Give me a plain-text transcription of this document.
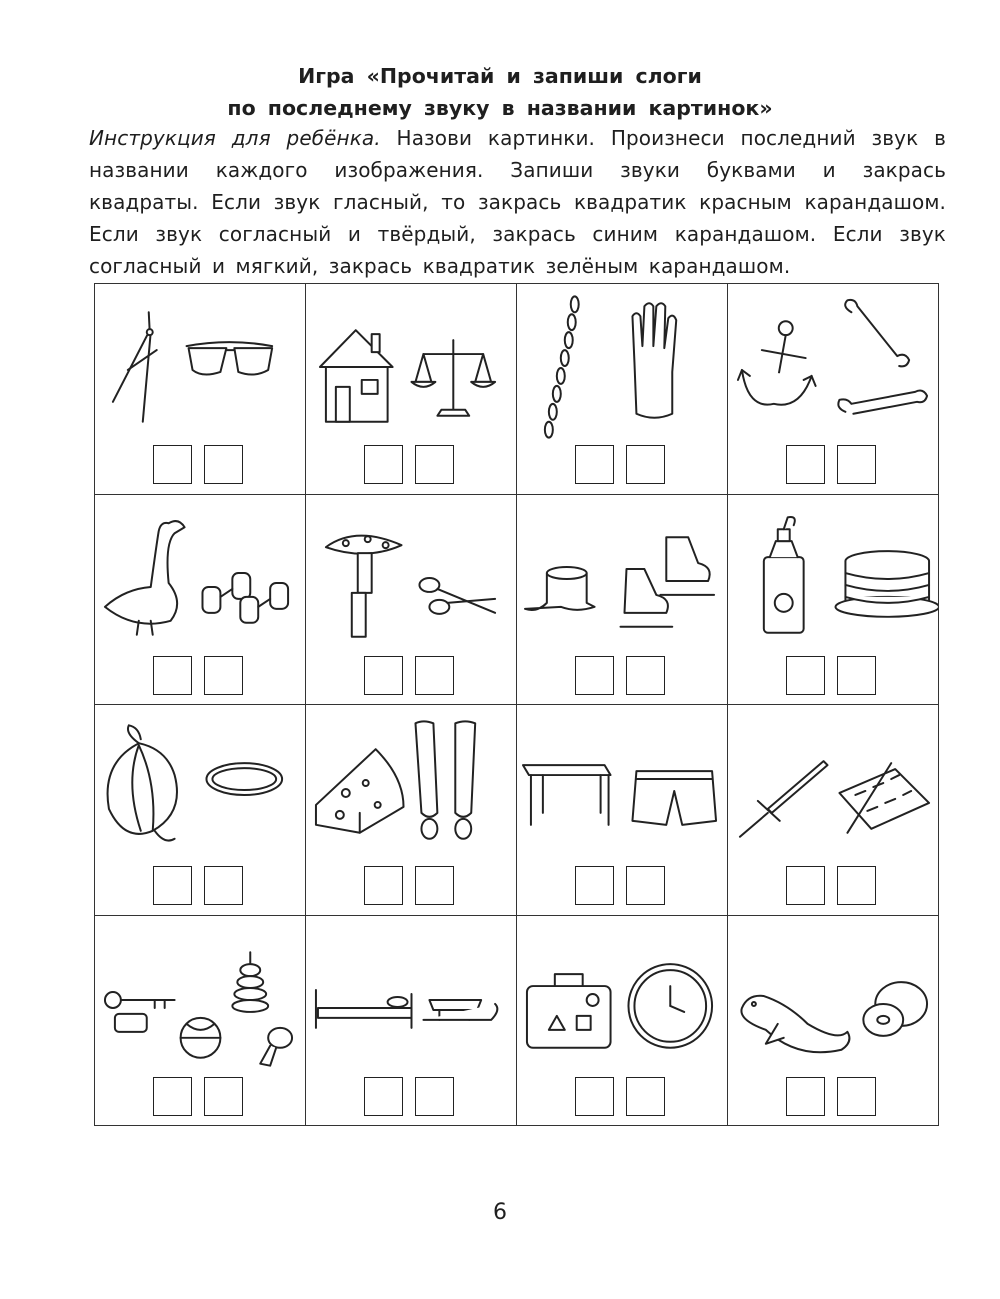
Игра «Прочитай и запиши слоги
по последнему звуку в названии картинок»
Инструкция для ребёнка. Назови картинки. Произнеси последний звук в названии каждого изображения. Запиши звуки буквами и закрась квадраты. Если звук гласный, то закрась квадратик красным карандашом. Если звук согласный и твёрдый, закрась синим карандашом. Если звук согласный и мягкий, закрась квадратик зелёным карандашом.
6
